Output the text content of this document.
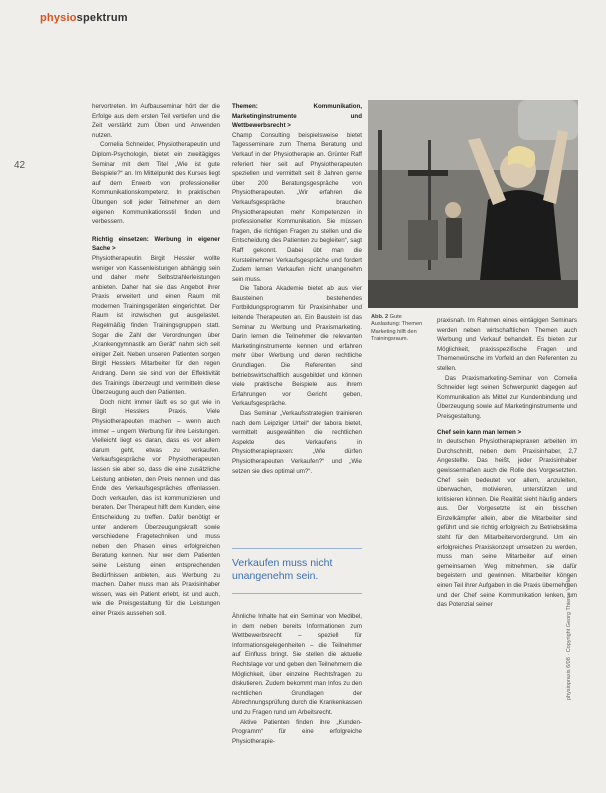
physiospektrum
42

hervortreten. Im Aufbauseminar hört der die Erfolge aus dem ersten Teil vertiefen und die Zeit verstärkt zum Üben und Anwenden nutzen.

Cornelia Schneider, Physiotherapeutin und Diplom-Psychologin, bietet ein zweitägiges Seminar mit dem Titel „Wie ist gute Beispiele?“ an. Im Mittelpunkt des Kurses liegt auf dem Erwerb von professioneller Kommunikationskompetenz. In praktischen Übungen soll jeder Teilnehmer an dem eigenen Kommunikationsstil finden und verbessern.

Richtig einsetzen: Werbung in eigener Sache >

Physiotherapeutin Birgit Hessler wollte weniger von Kassenleistungen abhängig sein und daher mehr Selbstzahlerleistungen anbieten. Daher hat sie das Angebot ihrer Praxis erweitert und einen Raum mit modernen Trainingsgeräten eingerichtet. Der Raum ist inzwischen gut ausgelastet. Regelmäßig finden Trainingsgruppen statt. Sogar die Zahl der Verordnungen über „Krankengymnastik am Gerät“ nahm sich seit einiger Zeit. Neben unseren Patienten sorgen Birgit Hesslers Mitarbeiter für den regen Andrang. Denn sie sind von der Effektivität des Trainings überzeugt und vermitteln diese Überzeugung auch den Patienten.

Doch nicht immer läuft es so gut wie in Birgit Hesslers Praxis. Viele Physiotherapeuten machen – wenn auch immer – ungern Werbung für ihre Leistungen. Vielleicht liegt es daran, dass es vor allem darum geht, etwas zu verkaufen. Verkaufsgespräche vor Physiotherapeuten lassen sie aber so, dass die eine zusätzliche Leistung anbieten, den Preis nennen und das Ende des Verkaufsgespräches offenlassen. Doch verkaufen, das ist kommunizieren und beraten. Der Therapeut hilft dem Kunden, eine Entscheidung zu treffen. Dafür benötigt er unter anderem Überzeugungskraft sowie verschiedene Fragetechniken und muss neben den Phasen eines erfolgreichen Beratung kennen. Nur wer dem Patienten seine Leistung einen entsprechenden Bedürfnissen anbieten, aus Werbung zu machen. Daher muss man als Praxisinhaber wissen, was ein Patient erlebt, ist und auch, wie die Preisgestaltung für die Leistungen einer Praxis aussehen soll.

Themen: Kommunikation, Marketinginstrumente und Wettbewerbsrecht >

Champ Consulting beispielsweise bietet Tagesseminare zum Thema Beratung und Verkauf in der Physiotherapie an. Grünter Raff referiert hier seit auf Physiotherapeuten speziellen und vermittelt seit 8 Jahren gerne über 200 Beratungsgespräche von Physiotherapeuten. „Wir erfahren die Verkaufsgespräche brauchen Physiotherapeuten mehr Kompetenzen in professioneller Kommunikation. Sie müssen fragen, die richtigen Fragen zu stellen und die Entscheidung des Patienten zu begleiten“, sagt Raff gekonnt. Dabei übt man die Kursteilnehmer Verkaufsgespräche und fordert Zudem lernen Verkaufen nicht unangenehm sein muss.

Die Tabora Akademie bietet ab aus vier Bausteinen bestehendes Fortbildungsprogramm für Praxisinhaber und leitende Therapeuten an. Ein Baustein ist das Seminar zu Werbung und Praxismarketing. Darin lernen die Teilnehmer die relevanten Marketinginstrumente kennen und erfahren mehr über Werbung und deren rechtliche Grundlagen. Die Referenten sind betriebswirtschaftlich ausgebildet und können viele praktische Beispiele aus ihrem Erfahrungen vor Gericht geben, Verkaufsgespräche.

Das Seminar „Verkaufsstrategien trainieren nach dem Leipziger Urteil“ der tabora bietet, vermittelt ausgewählten die rechtlichen Aspekte des Verkaufens in Physiotherapiepraxen: „Wie dürfen Physiotherapeuten Verkaufen?“ und „Wie setzen sie dies optimal um?“.

Verkaufen muss nicht unangenehm sein.

Ähnliche Inhalte hat ein Seminar von Medibel, in dem neben bereits Informationen zum Wettbewerbsrecht – speziell für Informationsgelegenheiten – die Teilnehmer auf Einfluss bringt. Sie stellen die aktuelle Rechtslage vor und geben den Teilnehmern die Möglichkeit, über einzelne Rechtsfragen zu diskutieren. Zudem bekommt man Infos zu den rechtlichen Grundlagen der Abrechnungsprüfung durch die Krankenkassen und zu Fragen rund um Arbeitsrecht.

Aktive Patienten finden ihre „Kunden-Programm“ für eine erfolgreiche Physiotherapie-

Abb. 2 Gute Auslastung: Themen Marketing hilft den Trainingsraum.

praxisnah. Im Rahmen eines eintägigen Seminars werden neben wirtschaftlichen Themen auch Werbung und Verkauf behandelt. Es bieten zur Möglichkeit, praxisspezifische Fragen und Themenwünsche im Vorfeld an den Referenten zu stellen.

Das Praxismarketing-Seminar von Cornelia Schneider legt seinen Schwerpunkt dagegen auf Kommunikation als Mittel zur Kundenbindung und Überzeugung sowie auf Marketinginstrumente und Preisgestaltung.

Chef sein kann man lernen >

In deutschen Physiotherapiepraxen arbeiten im Durchschnitt, neben dem Praxisinhaber, 2,7 Angestellte. Das heißt, jeder Praxisinhaber gewissermaßen auch die Rolle des Vorgesetzten. Chef sein bedeutet vor allem, anzuleiten, überwachen, motivieren, unterstützen und kritisieren können. Die Realität sieht häufig anders aus. Der Vorgesetzte ist ein bisschen Einzelkämpfer allein, aber die Mitarbeiter sind geführt und sie richtig erfolgreich zu Betriebsklima steht für den Mitarbeitervordergrund. Um ein erfolgreiches Praxiskonzept umsetzen zu werden, muss man seine Mitarbeiter auf einen gemeinsamen Weg mitnehmen, sie dafür begeistern und gewinnen. Mitarbeiter können einen Teil ihrer Aufgaben in die Praxis übernehmen und der Chef seine Kommunikation lenken, um das Potenzial seiner	physiopraxis 6/08 · Copyright Georg Thieme Verlag
